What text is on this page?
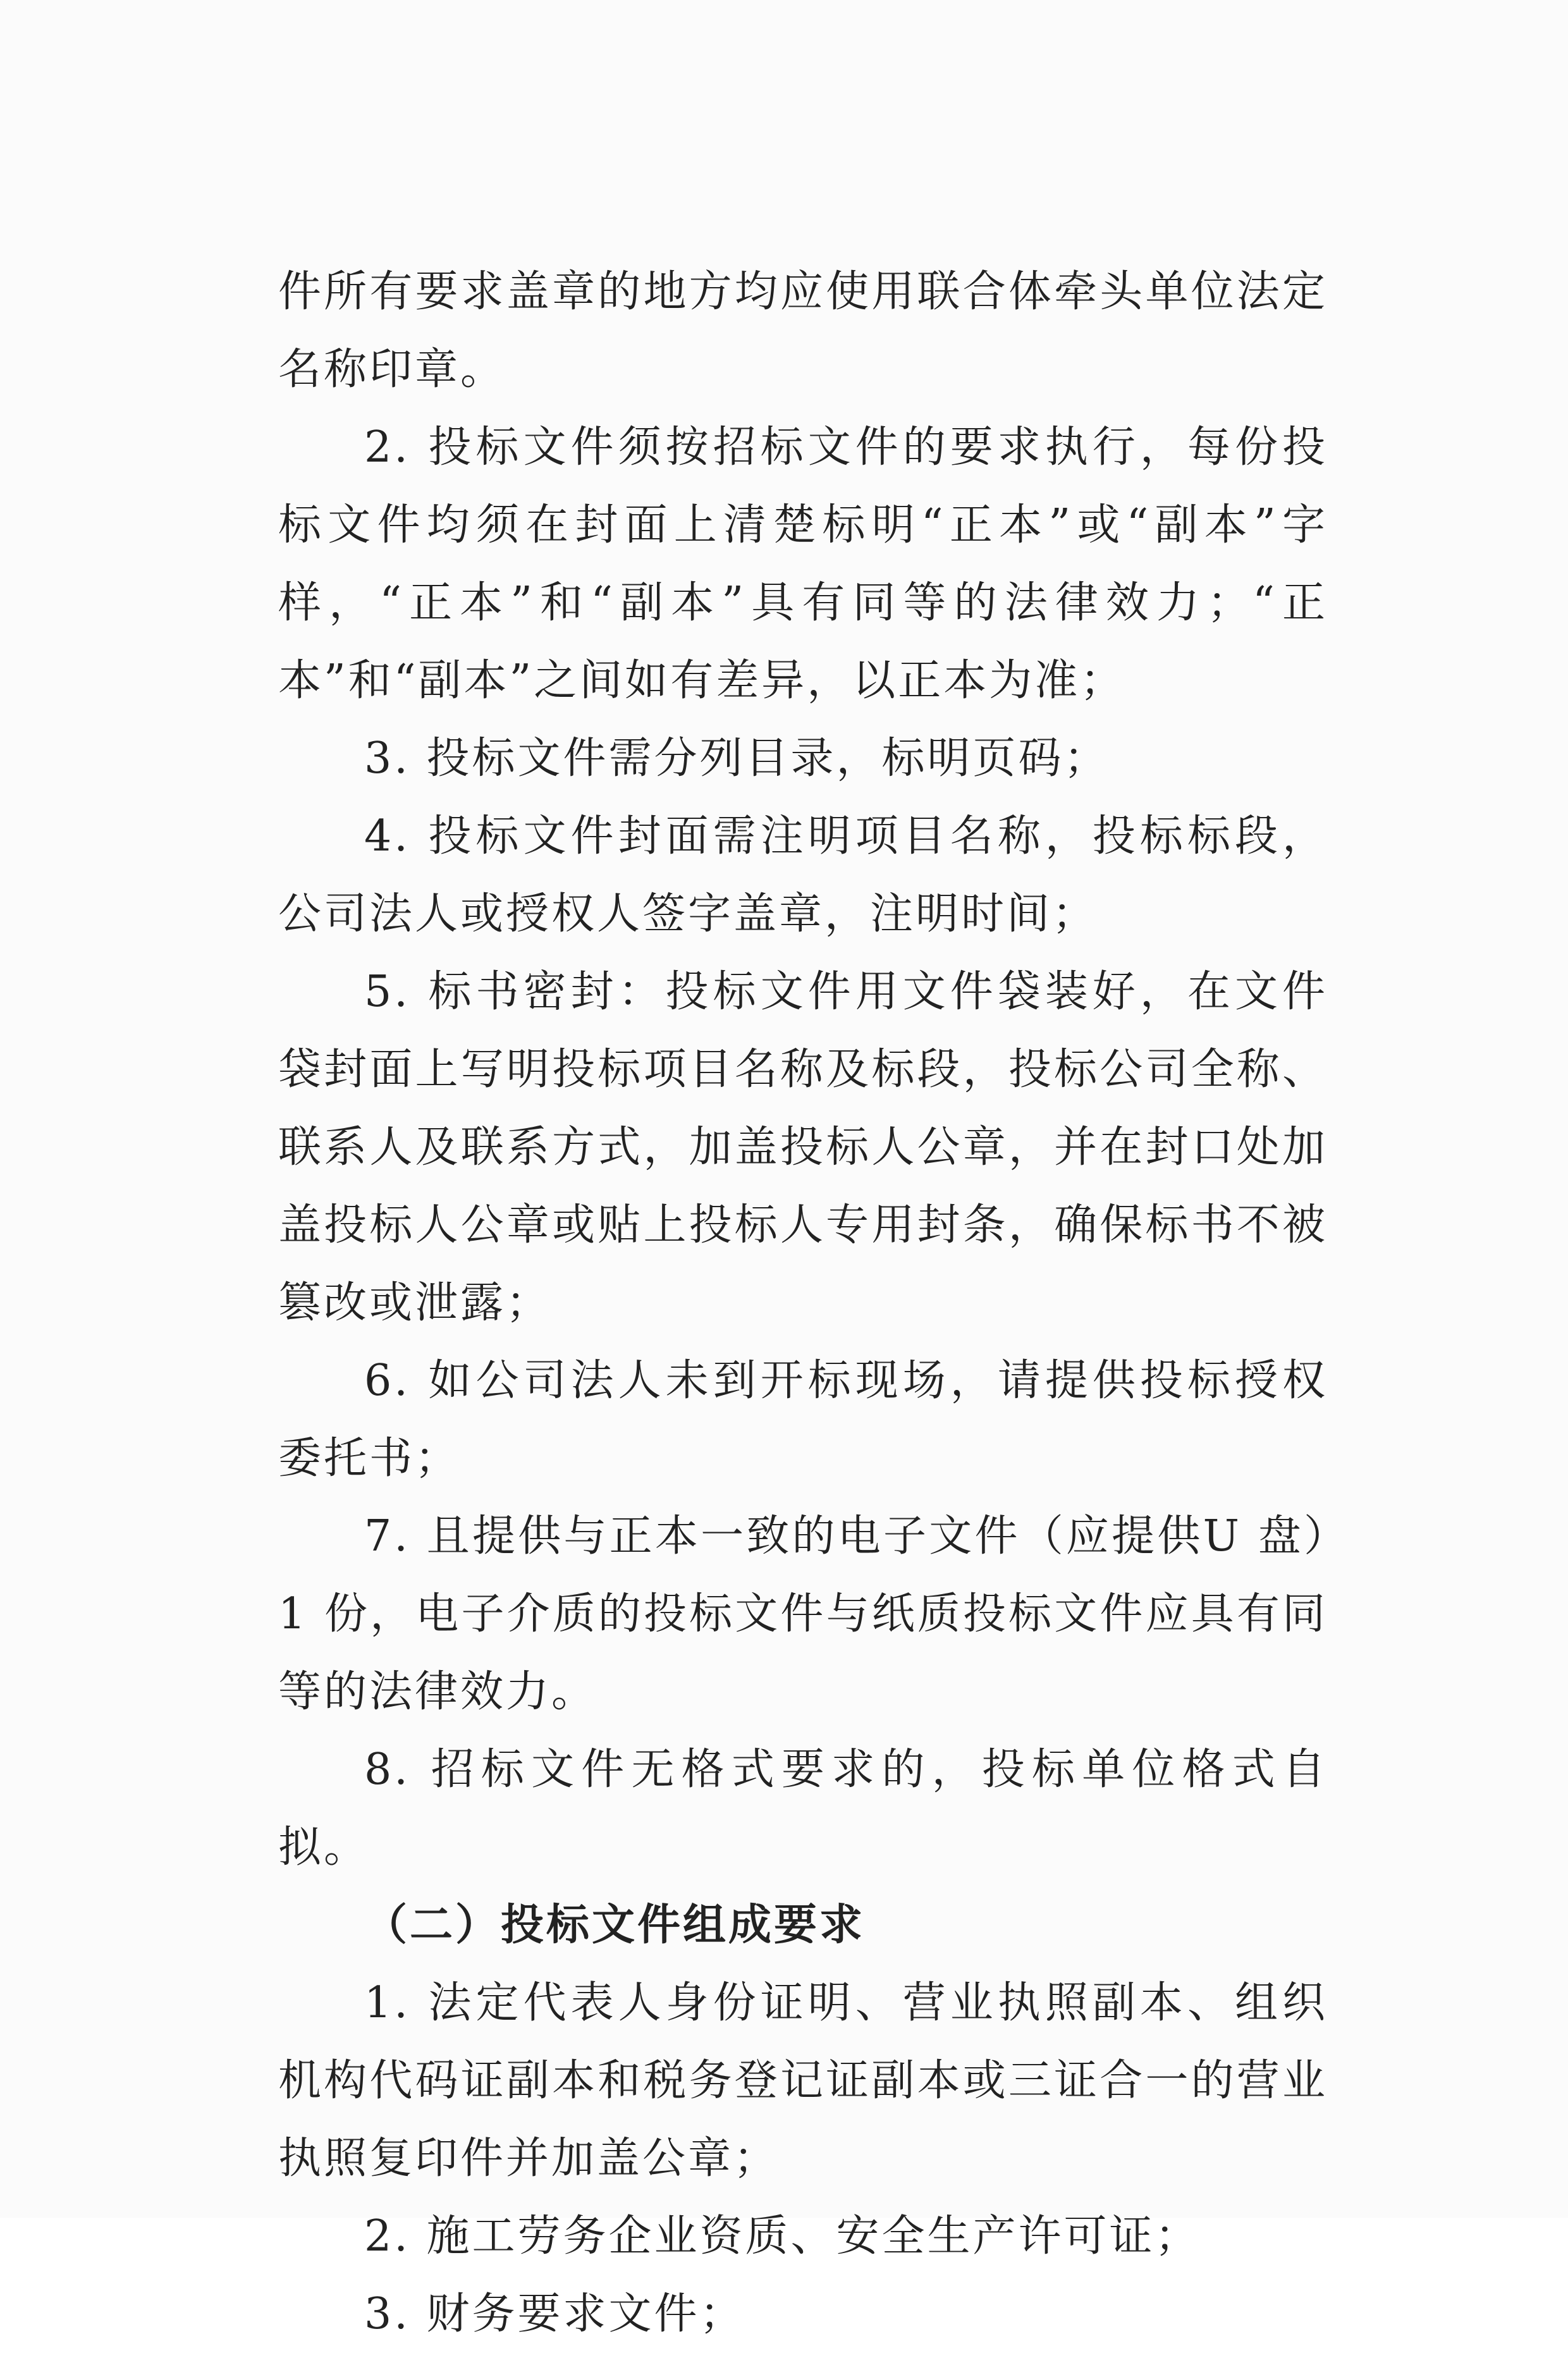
件所有要求盖章的地方均应使用联合体牵头单位法定名称印章。

2. 投标文件须按招标文件的要求执行，每份投标文件均须在封面上清楚标明“正本”或“副本”字样，“正本”和“副本”具有同等的法律效力；“正本”和“副本”之间如有差异，以正本为准；

3. 投标文件需分列目录，标明页码；

4. 投标文件封面需注明项目名称，投标标段，公司法人或授权人签字盖章，注明时间；

5. 标书密封：投标文件用文件袋装好，在文件袋封面上写明投标项目名称及标段，投标公司全称、联系人及联系方式，加盖投标人公章，并在封口处加盖投标人公章或贴上投标人专用封条，确保标书不被篡改或泄露；

6. 如公司法人未到开标现场，请提供投标授权委托书；

7. 且提供与正本一致的电子文件（应提供U 盘）1 份，电子介质的投标文件与纸质投标文件应具有同等的法律效力。

8. 招标文件无格式要求的，投标单位格式自拟。

（二）投标文件组成要求

1. 法定代表人身份证明、营业执照副本、组织机构代码证副本和税务登记证副本或三证合一的营业执照复印件并加盖公章；

2. 施工劳务企业资质、安全生产许可证；

3. 财务要求文件；
